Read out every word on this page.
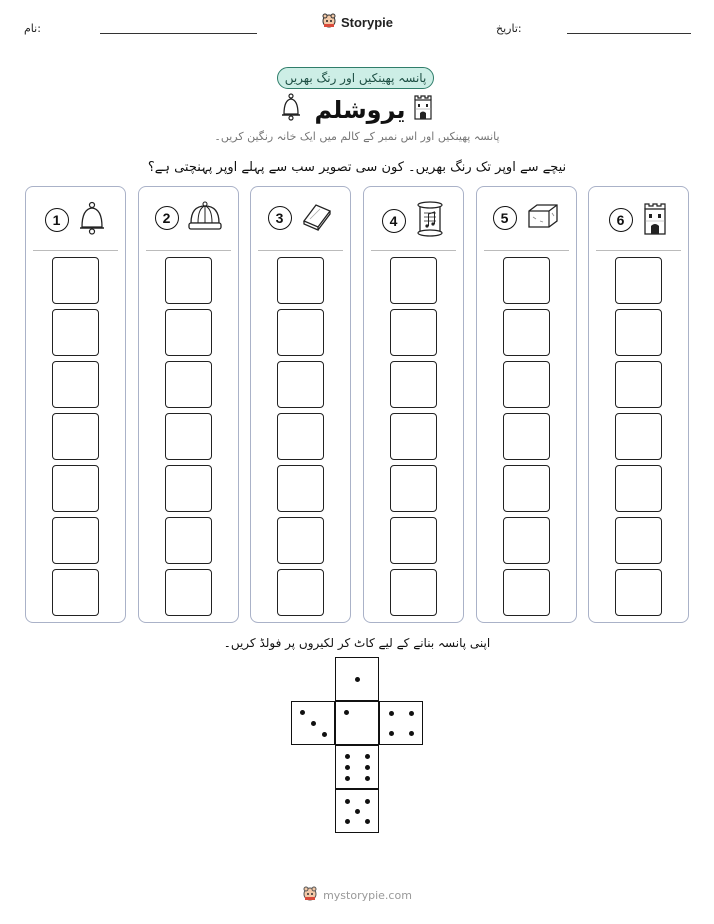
نام:	تاریخ:
Storypie
پانسہ پھینکیں اور رنگ بھریں
یروشلم
پانسہ پھینکیں اور اس نمبر کے کالم میں ایک خانہ رنگین کریں۔
نیچے سے اوپر تک رنگ بھریں۔ کون سی تصویر سب سے پہلے اوپر پہنچتی ہے؟
1	2	3	4	5	6
اپنی پانسہ بنانے کے لیے کاٹ کر لکیروں پر فولڈ کریں۔
mystorypie.com
